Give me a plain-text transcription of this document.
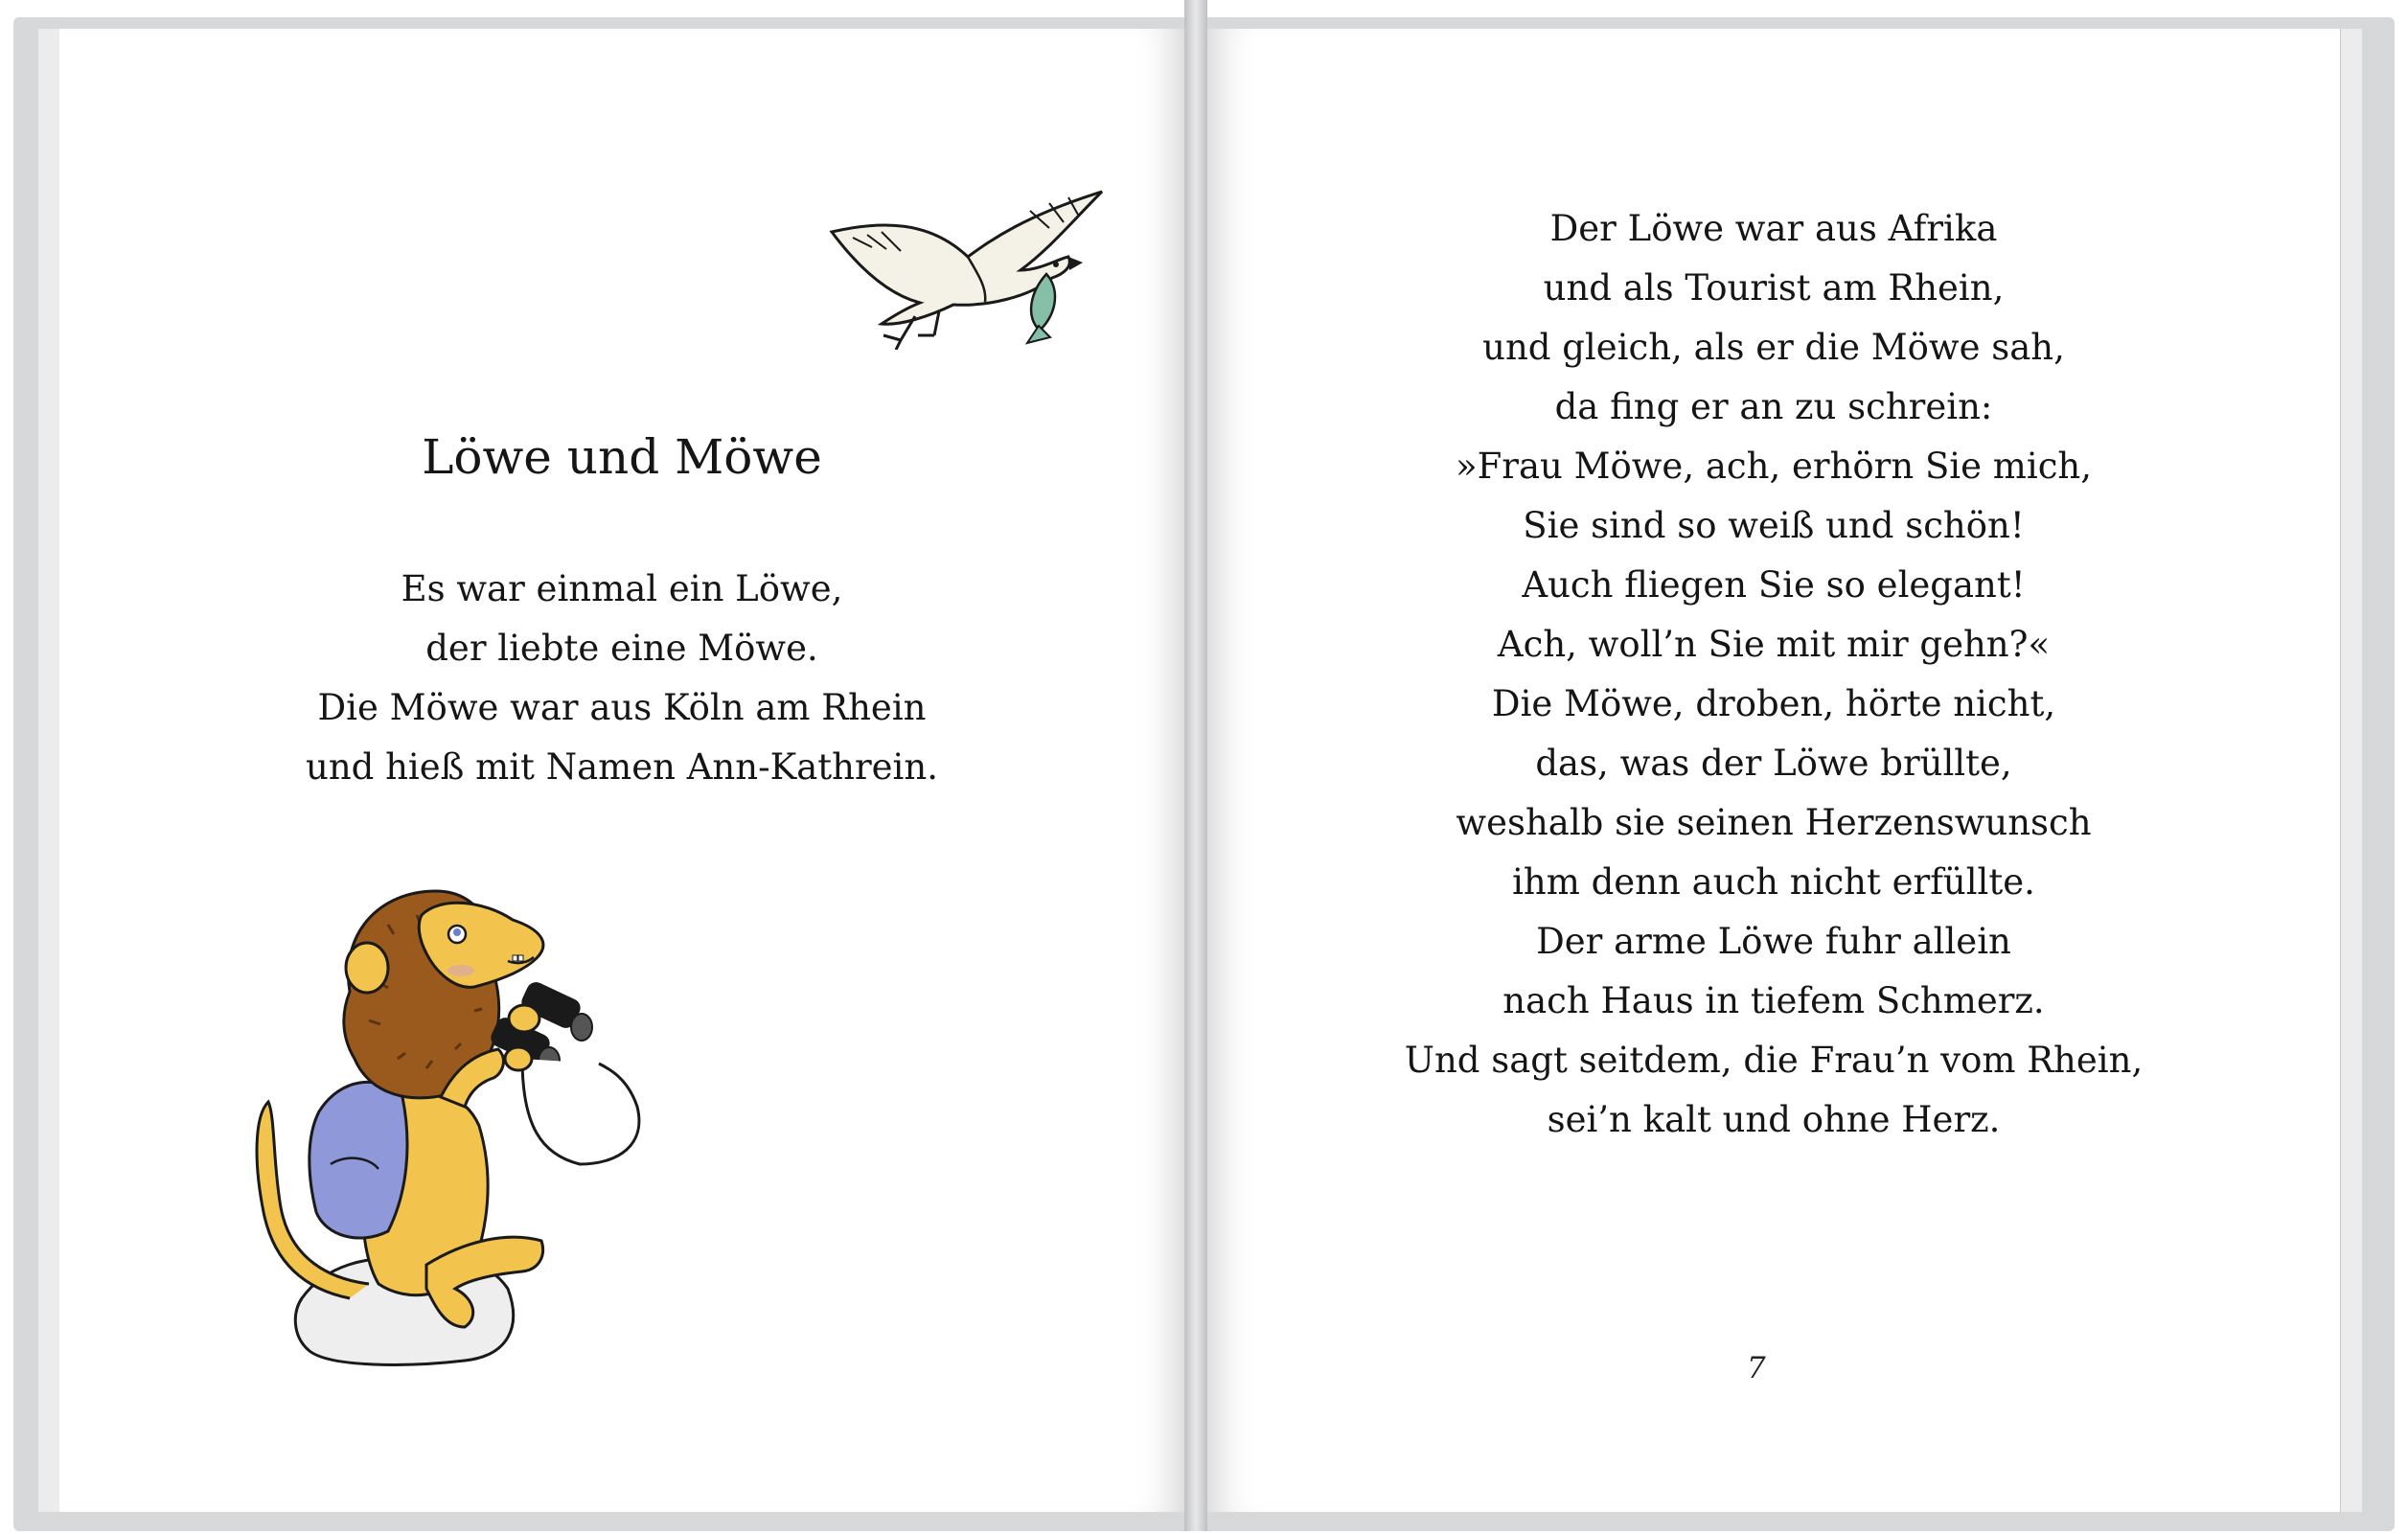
Löwe und Möwe
Es war einmal ein Löwe,
der liebte eine Möwe.
Die Möwe war aus Köln am Rhein
und hieß mit Namen Ann-Kathrein.
Der Löwe war aus Afrika
und als Tourist am Rhein,
und gleich, als er die Möwe sah,
da fing er an zu schrein:
»Frau Möwe, ach, erhörn Sie mich,
Sie sind so weiß und schön!
Auch fliegen Sie so elegant!
Ach, woll’n Sie mit mir gehn?«
Die Möwe, droben, hörte nicht,
das, was der Löwe brüllte,
weshalb sie seinen Herzenswunsch
ihm denn auch nicht erfüllte.
Der arme Löwe fuhr allein
nach Haus in tiefem Schmerz.
Und sagt seitdem, die Frau’n vom Rhein,
sei’n kalt und ohne Herz.
7
